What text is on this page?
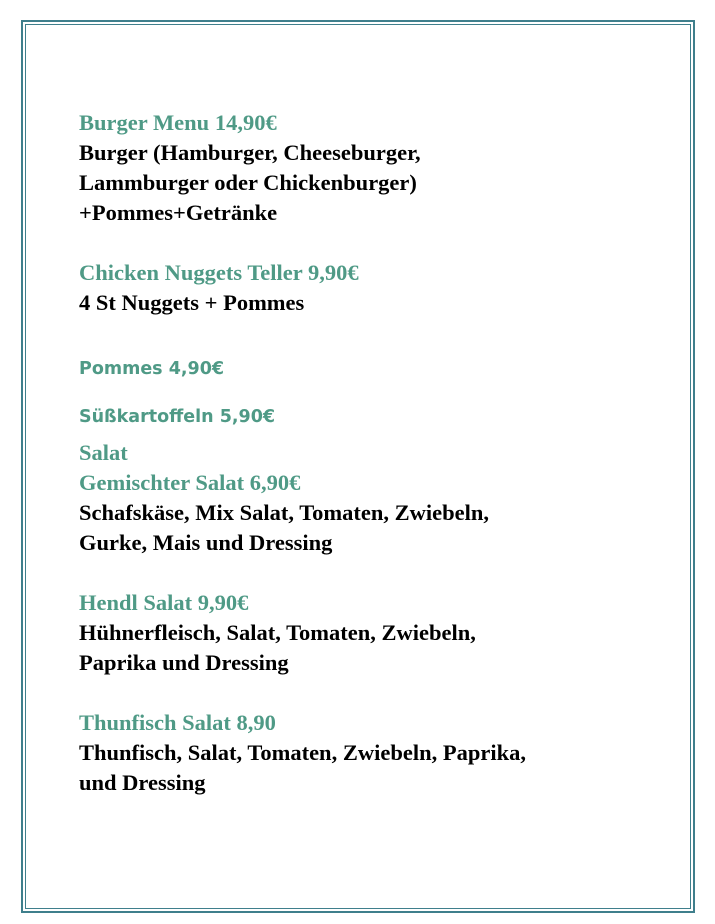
Burger Menu 14,90€
Burger (Hamburger, Cheeseburger,
Lammburger oder Chickenburger)
+Pommes+Getränke
Chicken Nuggets Teller 9,90€
4 St Nuggets + Pommes
Pommes 4,90€
Süßkartoffeln 5,90€
Salat
Gemischter Salat 6,90€
Schafskäse, Mix Salat, Tomaten, Zwiebeln,
Gurke, Mais und Dressing
Hendl Salat 9,90€
Hühnerfleisch, Salat, Tomaten, Zwiebeln,
Paprika und Dressing
Thunfisch Salat 8,90
Thunfisch, Salat, Tomaten, Zwiebeln, Paprika,
und Dressing
